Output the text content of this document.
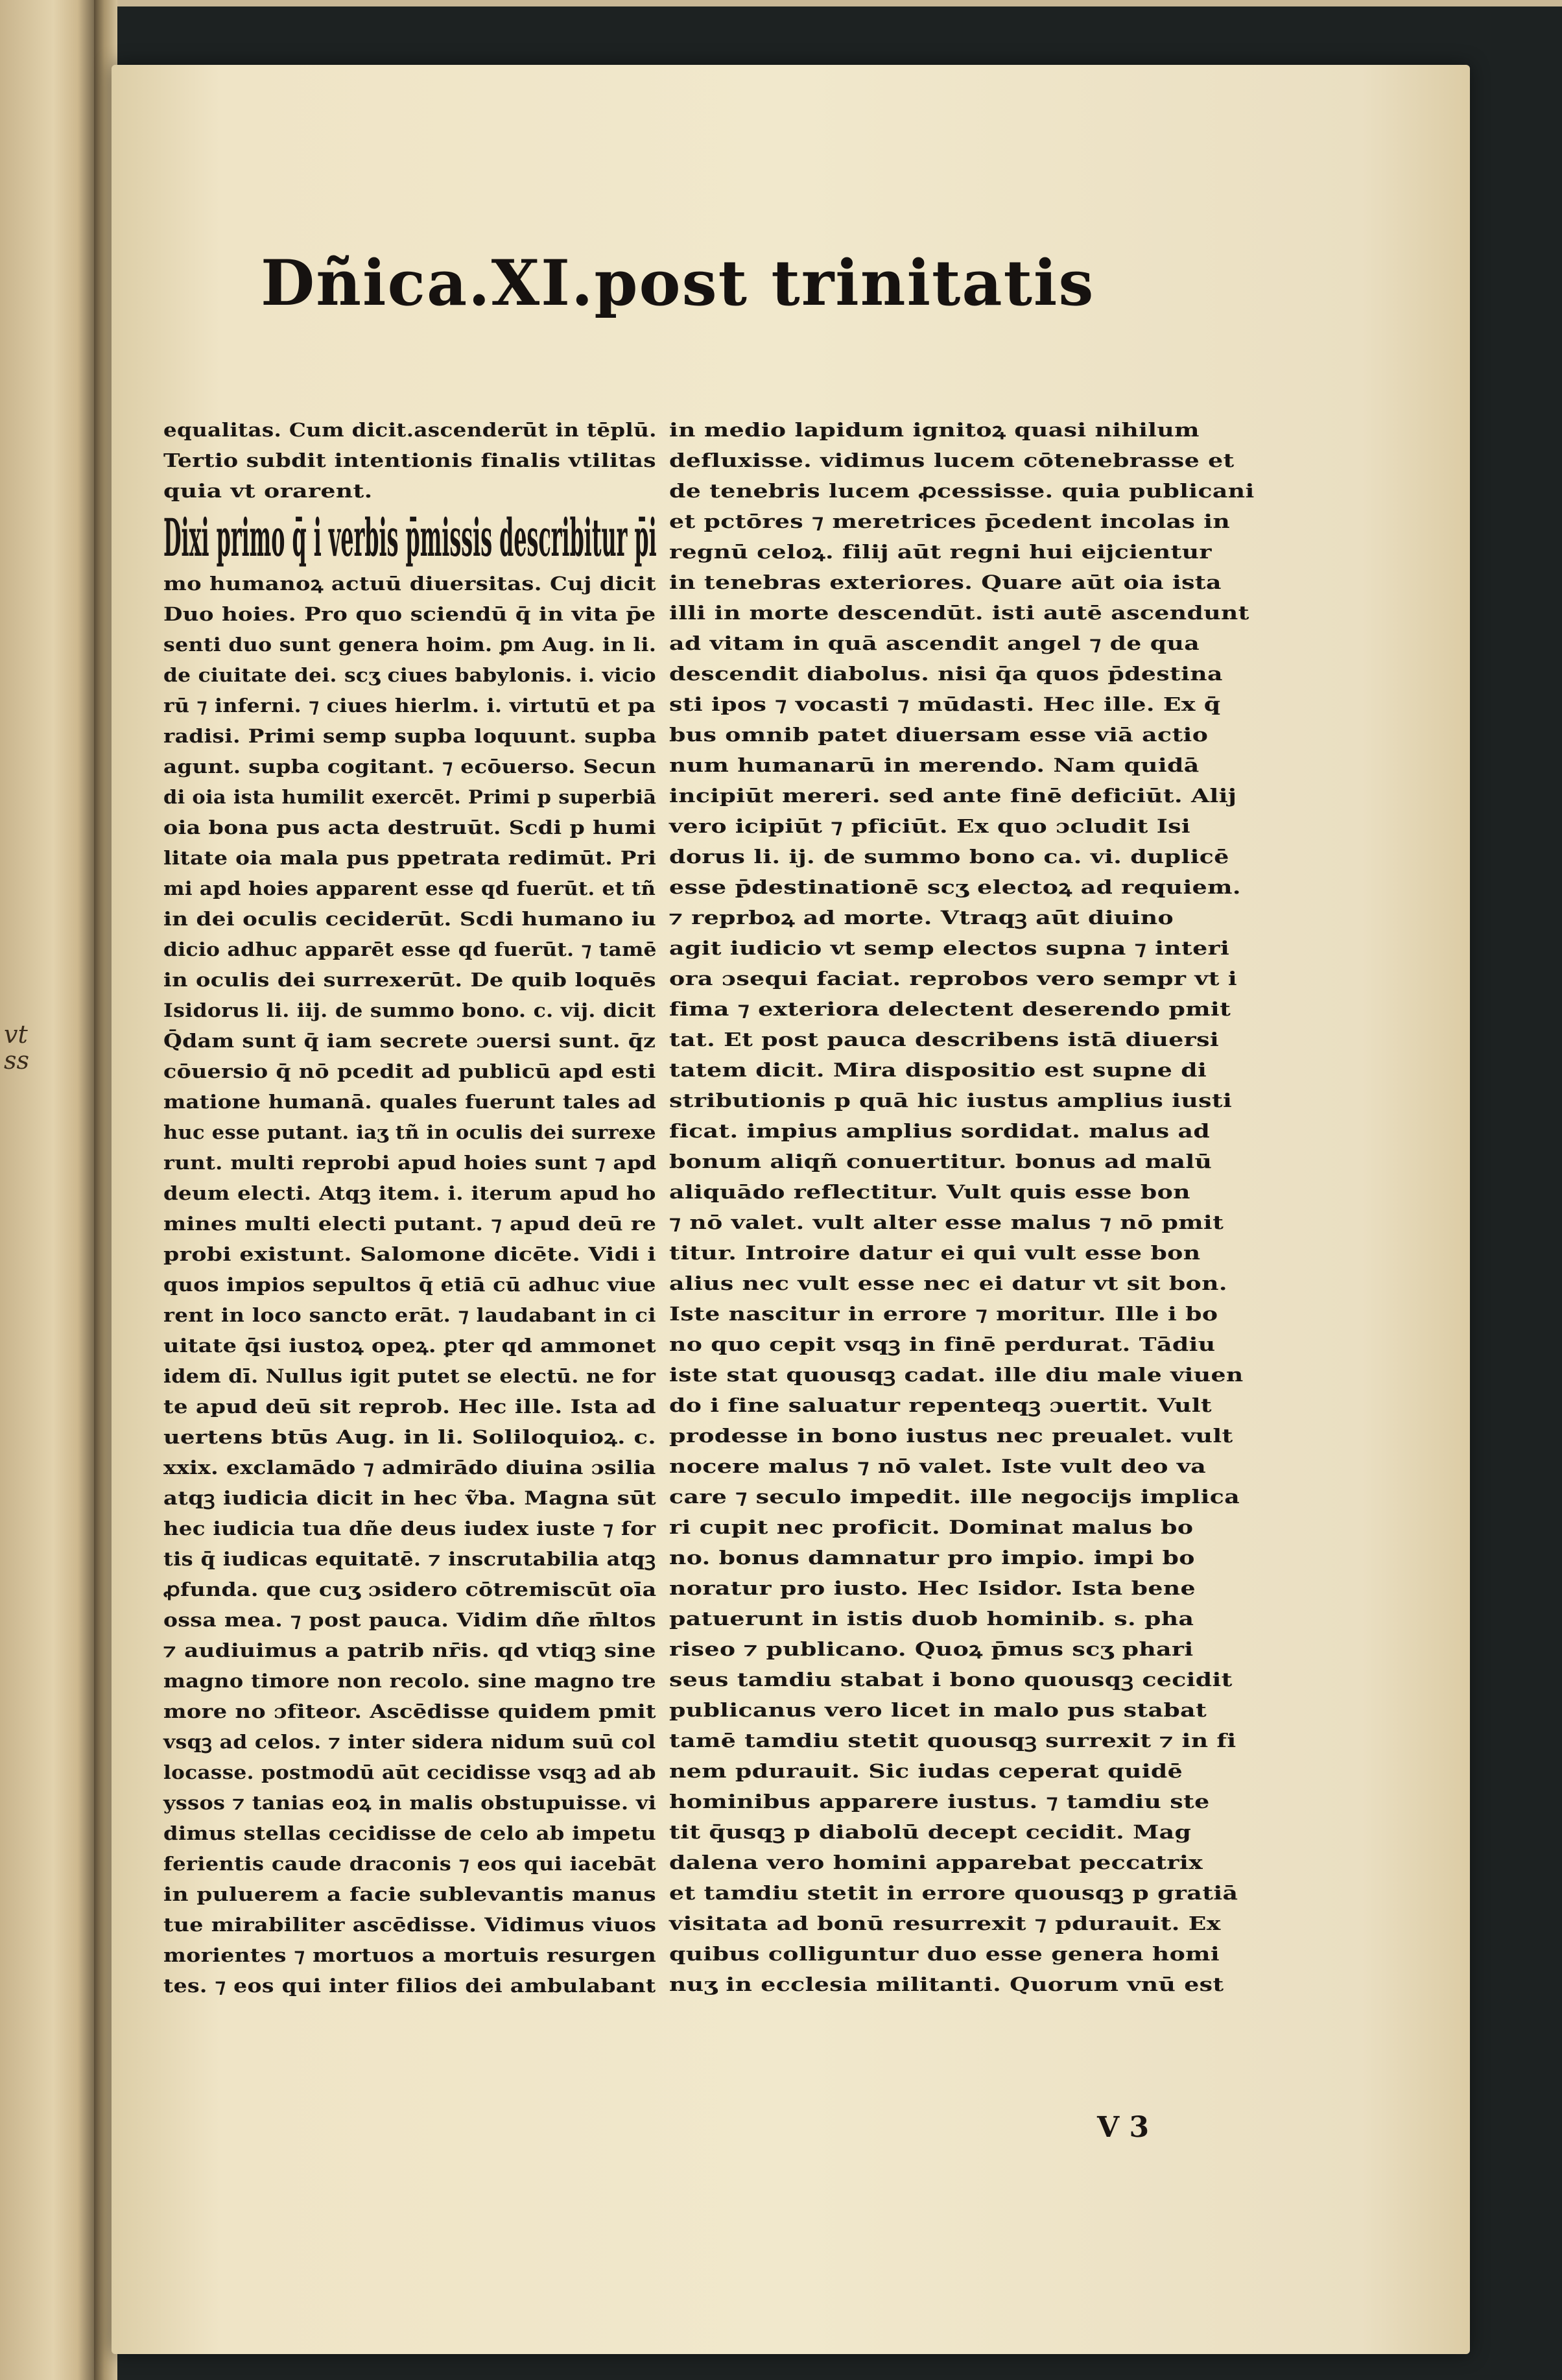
vt
ss
Dñica.XI.post trinitatis
equalitas. Cum dicit.ascenderūt in tēplū.
Tertio subdit intentionis finalis vtilitas
quia vt orarent.
Dixi primo q̄ i verbis p̄missis describitur p̄i
mo humanoꝝ actuū diuersitas. Cuj dicit
Duo hoies. Pro quo sciendū q̄ in vita p̄e
senti duo sunt genera hoim. ꝑm Aug. in li.
de ciuitate dei. scʒ ciues babylonis. i. vicio
rū ⁊ inferni. ⁊ ciues hierlm. i. virtutū et pa
radisi. Primi semp supba loquunt. supba
agunt. supba cogitant. ⁊ ecōuerso. Secun
di oia ista humilit exercēt. Primi p superbiā
oia bona pus acta destruūt. Scdi p humi
litate oia mala pus ppetrata redimūt. Pri
mi apd hoies apparent esse qd fuerūt. et tñ
in dei oculis ceciderūt. Scdi humano iu
dicio adhuc apparēt esse qd fuerūt. ⁊ tamē
in oculis dei surrexerūt. De quib loquēs
Isidorus li. iij. de summo bono. c. vij. dicit
Q̄dam sunt q̄ iam secrete ɔuersi sunt. q̄z
cōuersio q̄ nō pcedit ad publicū apd esti
matione humanā. quales fuerunt tales ad
huc esse putant. iaʒ tñ in oculis dei surrexe
runt. multi reprobi apud hoies sunt ⁊ apd
deum electi. Atqꝫ item. i. iterum apud ho
mines multi electi putant. ⁊ apud deū re
probi existunt. Salomone dicēte. Vidi i
quos impios sepultos q̄ etiā cū adhuc viue
rent in loco sancto erāt. ⁊ laudabant in ci
uitate q̄si iustoꝝ opeꝝ. ꝑter qd ammonet
idem dī. Nullus igit putet se electū. ne for
te apud deū sit reprob. Hec ille. Ista ad
uertens btūs Aug. in li. Soliloquioꝝ. c.
xxix. exclamādo ⁊ admirādo diuina ɔsilia
atqꝫ iudicia dicit in hec ṽba. Magna sūt
hec iudicia tua dñe deus iudex iuste ⁊ for
tis q̄ iudicas equitatē. ⁊ inscrutabilia atqꝫ
ꝓfunda. que cuʒ ɔsidero cōtremiscūt oīa
ossa mea. ⁊ post pauca. Vidim dñe m̄ltos
⁊ audiuimus a patrib nr̄is. qd vtiqꝫ sine
magno timore non recolo. sine magno tre
more no ɔfiteor. Ascēdisse quidem pmit
vsqꝫ ad celos. ⁊ inter sidera nidum suū col
locasse. postmodū aūt cecidisse vsqꝫ ad ab
yssos ⁊ tanias eoꝝ in malis obstupuisse. vi
dimus stellas cecidisse de celo ab impetu
ferientis caude draconis ⁊ eos qui iacebāt
in puluerem a facie sublevantis manus
tue mirabiliter ascēdisse. Vidimus viuos
morientes ⁊ mortuos a mortuis resurgen
tes. ⁊ eos qui inter filios dei ambulabant
in medio lapidum ignitoꝝ quasi nihilum
defluxisse. vidimus lucem cōtenebrasse et
de tenebris lucem ꝓcessisse. quia publicani
et pctōres ⁊ meretrices p̄cedent incolas in
regnū celoꝝ. filij aūt regni hui eijcientur
in tenebras exteriores. Quare aūt oia ista
illi in morte descendūt. isti autē ascendunt
ad vitam in quā ascendit angel ⁊ de qua
descendit diabolus. nisi q̄a quos p̄destina
sti ipos ⁊ vocasti ⁊ mūdasti. Hec ille. Ex q̄
bus omnib patet diuersam esse viā actio
num humanarū in merendo. Nam quidā
incipiūt mereri. sed ante finē deficiūt. Alij
vero icipiūt ⁊ pficiūt. Ex quo ɔcludit Isi
dorus li. ij. de summo bono ca. vi. duplicē
esse p̄destinationē scʒ electoꝝ ad requiem.
⁊ reprboꝝ ad morte. Vtraqꝫ aūt diuino
agit iudicio vt semp electos supna ⁊ interi
ora ɔsequi faciat. reprobos vero sempr vt i
fima ⁊ exteriora delectent deserendo pmit
tat. Et post pauca describens istā diuersi
tatem dicit. Mira dispositio est supne di
stributionis p quā hic iustus amplius iusti
ficat. impius amplius sordidat. malus ad
bonum aliqñ conuertitur. bonus ad malū
aliquādo reflectitur. Vult quis esse bon
⁊ nō valet. vult alter esse malus ⁊ nō pmit
titur. Introire datur ei qui vult esse bon
alius nec vult esse nec ei datur vt sit bon.
Iste nascitur in errore ⁊ moritur. Ille i bo
no quo cepit vsqꝫ in finē perdurat. Tādiu
iste stat quousqꝫ cadat. ille diu male viuen
do i fine saluatur repenteqꝫ ɔuertit. Vult
prodesse in bono iustus nec preualet. vult
nocere malus ⁊ nō valet. Iste vult deo va
care ⁊ seculo impedit. ille negocijs implica
ri cupit nec proficit. Dominat malus bo
no. bonus damnatur pro impio. impi bo
noratur pro iusto. Hec Isidor. Ista bene
patuerunt in istis duob hominib. s. pha
riseo ⁊ publicano. Quoꝝ p̄mus scʒ phari
seus tamdiu stabat i bono quousqꝫ cecidit
publicanus vero licet in malo pus stabat
tamē tamdiu stetit quousqꝫ surrexit ⁊ in fi
nem pdurauit. Sic iudas ceperat quidē
hominibus apparere iustus. ⁊ tamdiu ste
tit q̄usqꝫ p diabolū decept cecidit. Mag
dalena vero homini apparebat peccatrix
et tamdiu stetit in errore quousqꝫ p gratiā
visitata ad bonū resurrexit ⁊ pdurauit. Ex
quibus colliguntur duo esse genera homi
nuʒ in ecclesia militanti. Quorum vnū est
V 3
